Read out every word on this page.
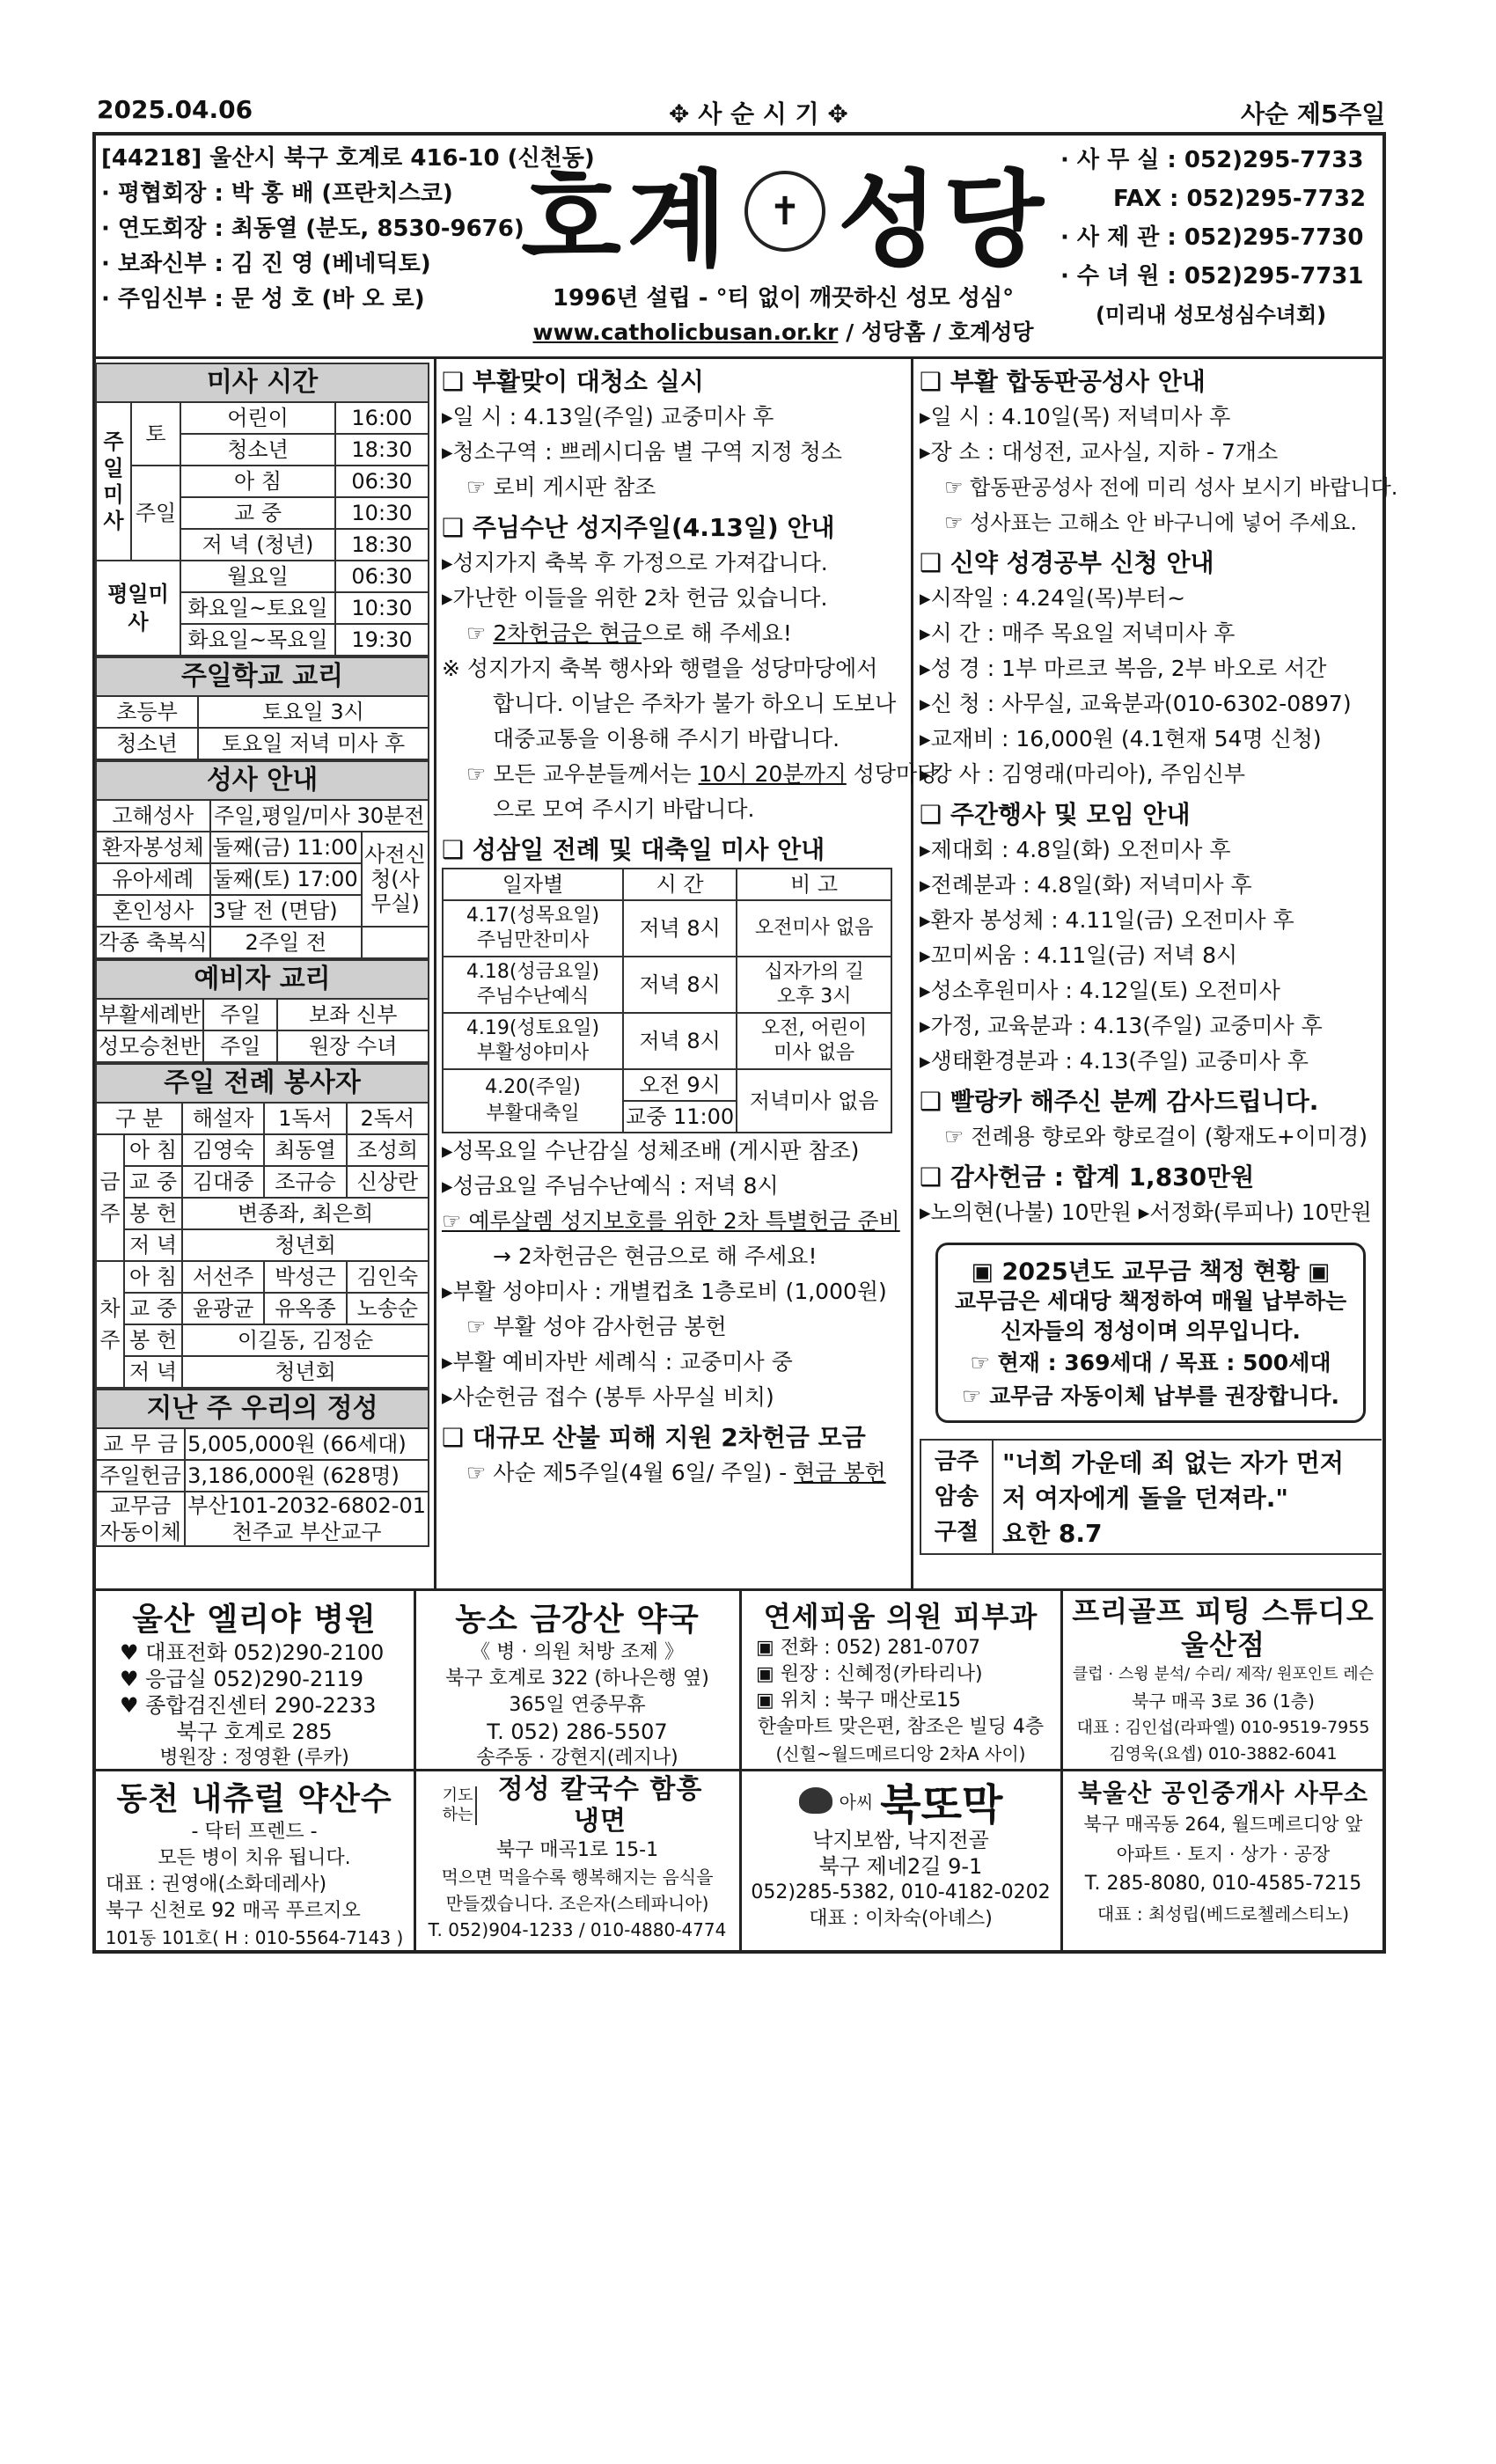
2025.04.06	✥ 사 순 시 기 ✥	사순 제5주일
[44218] 울산시 북구 호계로 416-10 (신천동)
· 평협회장 : 박 홍 배 (프란치스코)
· 연도회장 : 최동열 (분도, 8530-9676)
· 보좌신부 : 김 진 영 (베네딕토)
· 주임신부 : 문 성 호 (바 오 로)
호계 ✝ 성당
1996년 설립 - °티 없이 깨끗하신 성모 성심°
www.catholicbusan.or.kr / 성당홈 / 호계성당
· 사 무 실 : 052)295-7733
FAX : 052)295-7732
· 사 제 관 : 052)295-7730
· 수 녀 원 : 052)295-7731
(미리내 성모성심수녀회)
미사 시간
주일미사	토	어린이	16:00
		청소년	18:30
	주일	아 침	06:30
		교 중	10:30
		저 녁 (청년)	18:30
평일미사		월요일	06:30
		화요일~토요일	10:30
		화요일~목요일	19:30
주일학교 교리
초등부	토요일 3시
청소년	토요일 저녁 미사 후
성사 안내
고해성사	주일,평일/미사 30분전	
환자봉성체	둘째(금) 11:00	사전신청(사무실)
유아세례	둘째(토) 17:00	
혼인성사	3달 전 (면담)	
각종 축복식	2주일 전	
예비자 교리
부활세례반	주일	보좌 신부
성모승천반	주일	원장 수녀
주일 전례 봉사자
구 분		해설자	1독서	2독서
금주	아 침	김영숙	최동열	조성희
	교 중	김대중	조규승	신상란
	봉 헌	변종좌, 최은희		
	저 녁	청년회		
차주	아 침	서선주	박성근	김인숙
	교 중	윤광균	유옥종	노송순
	봉 헌	이길동, 김정순		
	저 녁	청년회		
지난 주 우리의 정성
교 무 금	5,005,000원 (66세대)
주일헌금	3,186,000원 (628명)
교무금 자동이체	부산101-2032-6802-01
천주교 부산교구
❑ 부활맞이 대청소 실시
▸일 시 : 4.13일(주일) 교중미사 후
▸청소구역 : 쁘레시디움 별 구역 지정 청소
☞ 로비 게시판 참조
❑ 주님수난 성지주일(4.13일) 안내
▸성지가지 축복 후 가정으로 가져갑니다.
▸가난한 이들을 위한 2차 헌금 있습니다.
☞ 2차헌금은 현금으로 해 주세요!
※ 성지가지 축복 행사와 행렬을 성당마당에서
합니다. 이날은 주차가 불가 하오니 도보나
대중교통을 이용해 주시기 바랍니다.
☞ 모든 교우분들께서는 10시 20분까지 성당마당
으로 모여 주시기 바랍니다.
❑ 성삼일 전례 및 대축일 미사 안내
일자별	시 간	비 고
4.17(성목요일)
주님만찬미사	저녁 8시	오전미사 없음
4.18(성금요일)
주님수난예식	저녁 8시	십자가의 길
오후 3시
4.19(성토요일)
부활성야미사	저녁 8시	오전, 어린이
미사 없음
4.20(주일)
부활대축일	오전 9시	저녁미사 없음
	교중 11:00	
▸성목요일 수난감실 성체조배 (게시판 참조)
▸성금요일 주님수난예식 : 저녁 8시
☞ 예루살렘 성지보호를 위한 2차 특별헌금 준비
→ 2차헌금은 현금으로 해 주세요!
▸부활 성야미사 : 개별컵초 1층로비 (1,000원)
☞ 부활 성야 감사헌금 봉헌
▸부활 예비자반 세례식 : 교중미사 중
▸사순헌금 접수 (봉투 사무실 비치)
❑ 대규모 산불 피해 지원 2차헌금 모금
☞ 사순 제5주일(4월 6일/ 주일) - 현금 봉헌
❑ 부활 합동판공성사 안내
▸일 시 : 4.10일(목) 저녁미사 후
▸장 소 : 대성전, 교사실, 지하 - 7개소
☞ 합동판공성사 전에 미리 성사 보시기 바랍니다.
☞ 성사표는 고해소 안 바구니에 넣어 주세요.
❑ 신약 성경공부 신청 안내
▸시작일 : 4.24일(목)부터~
▸시 간 : 매주 목요일 저녁미사 후
▸성 경 : 1부 마르코 복음, 2부 바오로 서간
▸신 청 : 사무실, 교육분과(010-6302-0897)
▸교재비 : 16,000원 (4.1현재 54명 신청)
▸강 사 : 김영래(마리아), 주임신부
❑ 주간행사 및 모임 안내
▸제대회 : 4.8일(화) 오전미사 후
▸전례분과 : 4.8일(화) 저녁미사 후
▸환자 봉성체 : 4.11일(금) 오전미사 후
▸꼬미씨움 : 4.11일(금) 저녁 8시
▸성소후원미사 : 4.12일(토) 오전미사
▸가정, 교육분과 : 4.13(주일) 교중미사 후
▸생태환경분과 : 4.13(주일) 교중미사 후
❑ 빨랑카 해주신 분께 감사드립니다.
☞ 전례용 향로와 향로걸이 (황재도+이미경)
❑ 감사헌금 : 합계 1,830만원
▸노의현(나불) 10만원 ▸서정화(루피나) 10만원
▣ 2025년도 교무금 책정 현황 ▣
교무금은 세대당 책정하여 매월 납부하는
신자들의 정성이며 의무입니다.
☞ 현재 : 369세대 / 목표 : 500세대
☞ 교무금 자동이체 납부를 권장합니다.
금주 암송 구절
"너희 가운데 죄 없는 자가 먼저 저 여자에게 돌을 던져라."
요한 8.7
울산 엘리야 병원
♥ 대표전화 052)290-2100
♥ 응급실 052)290-2119
♥ 종합검진센터 290-2233
북구 호계로 285
병원장 : 정영환 (루카)
농소 금강산 약국
《 병 · 의원 처방 조제 》
북구 호계로 322 (하나은행 옆)
365일 연중무휴
T. 052) 286-5507
송주동 · 강현지(레지나)
연세피움 의원 피부과
▣ 전화 : 052) 281-0707
▣ 원장 : 신혜정(카타리나)
▣ 위치 : 북구 매산로15
한솔마트 맞은편, 참조은 빌딩 4층
(신힐~월드메르디앙 2차A 사이)
프리골프 피팅 스튜디오 울산점
클럽 · 스윙 분석/ 수리/ 제작/ 원포인트 레슨
북구 매곡 3로 36 (1층)
대표 : 김인섭(라파엘) 010-9519-7955
김영욱(요셉) 010-3882-6041
동천 내츄럴 약산수
- 닥터 프렌드 -
모든 병이 치유 됩니다.
대표 : 권영애(소화데레사)
북구 신천로 92 매곡 푸르지오
101동 101호( H : 010-5564-7143 )
기도하는
정성 칼국수 함흥냉면
북구 매곡1로 15-1
먹으면 먹을수록 행복해지는 음식을
만들겠습니다. 조은자(스테파니아)
T. 052)904-1233 / 010-4880-4774
아씨 북또막
낙지보쌈, 낙지전골
북구 제네2길 9-1
052)285-5382, 010-4182-0202
대표 : 이차숙(아녜스)
북울산 공인중개사 사무소
북구 매곡동 264, 월드메르디앙 앞
아파트 · 토지 · 상가 · 공장
T. 285-8080, 010-4585-7215
대표 : 최성립(베드로첼레스티노)
